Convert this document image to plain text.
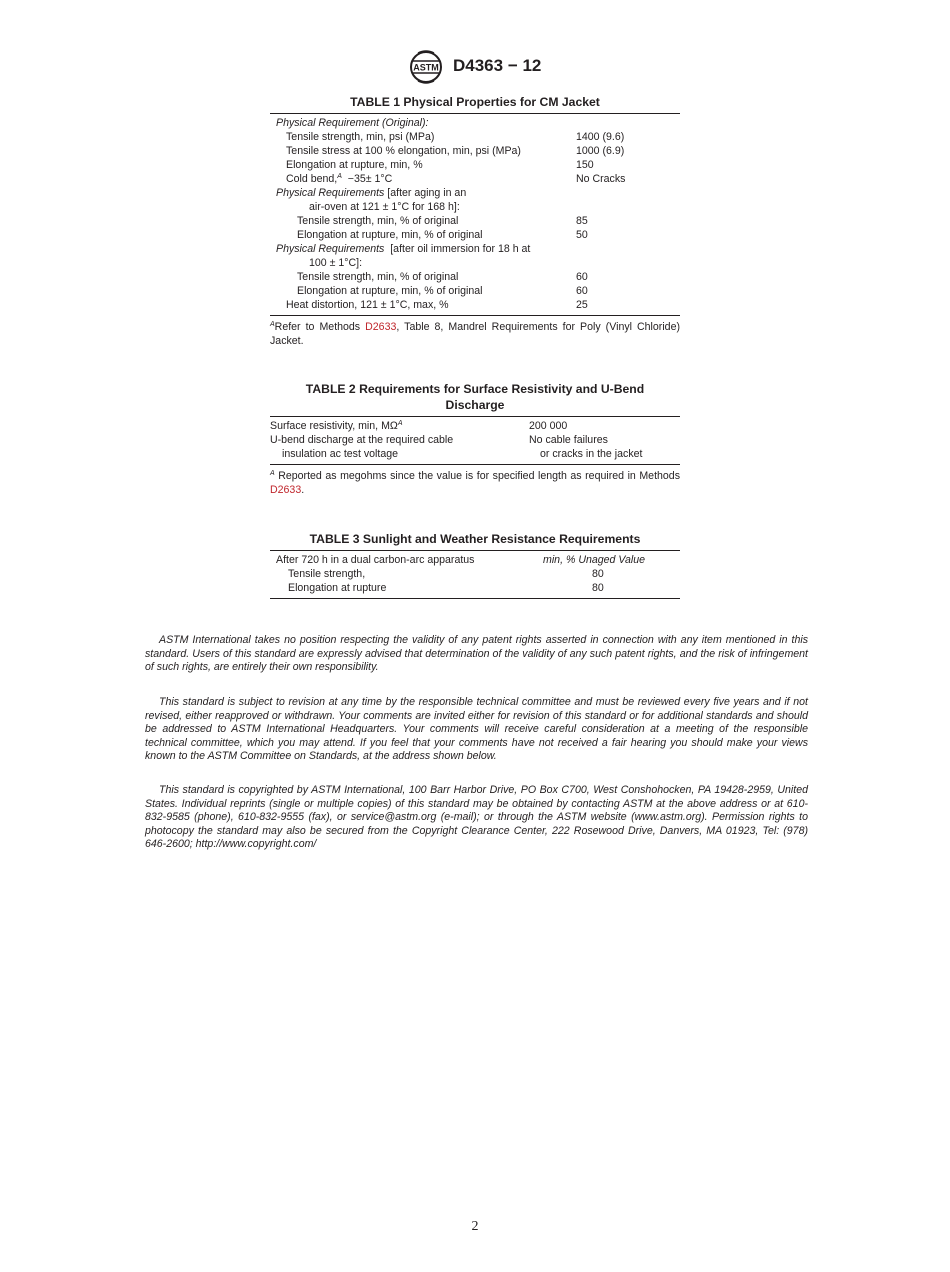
ASTM D4363 − 12
TABLE 1 Physical Properties for CM Jacket
Physical Requirement (Original):
Tensile strength, min, psi (MPa)	1400 (9.6)
Tensile stress at 100 % elongation, min, psi (MPa)	1000 (6.9)
Elongation at rupture, min, %	150
Cold bend,$^A$  −35± 1°C	No Cracks
Physical Requirements [after aging in an
air-oven at 121 ± 1°C for 168 h]:
Tensile strength, min, % of original	85
Elongation at rupture, min, % of original	50
Physical Requirements  [after oil immersion for 18 h at
100 ± 1°C]:
Tensile strength, min, % of original	60
Elongation at rupture, min, % of original	60
Heat distortion, 121 ± 1°C, max, %	25
$^A$Refer to Methods D2633, Table 8, Mandrel Requirements for Poly (Vinyl Chloride) Jacket.
TABLE 2 Requirements for Surface Resistivity and U-Bend Discharge
Surface resistivity, min, $M\Omega^A$	200 000
U-bend discharge at the required cable	No cable failures
insulation ac test voltage	or cracks in the jacket
$^A$ Reported as megohms since the value is for specified length as required in Methods D2633.
TABLE 3 Sunlight and Weather Resistance Requirements
After 720 h in a dual carbon-arc apparatus	min, % Unaged Value
Tensile strength,	80
Elongation at rupture	80

ASTM International takes no position respecting the validity of any patent rights asserted in connection with any item mentioned in this standard. Users of this standard are expressly advised that determination of the validity of any such patent rights, and the risk of infringement of such rights, are entirely their own responsibility.

This standard is subject to revision at any time by the responsible technical committee and must be reviewed every five years and if not revised, either reapproved or withdrawn. Your comments are invited either for revision of this standard or for additional standards and should be addressed to ASTM International Headquarters. Your comments will receive careful consideration at a meeting of the responsible technical committee, which you may attend. If you feel that your comments have not received a fair hearing you should make your views known to the ASTM Committee on Standards, at the address shown below.

This standard is copyrighted by ASTM International, 100 Barr Harbor Drive, PO Box C700, West Conshohocken, PA 19428-2959, United States. Individual reprints (single or multiple copies) of this standard may be obtained by contacting ASTM at the above address or at 610-832-9585 (phone), 610-832-9555 (fax), or service@astm.org (e-mail); or through the ASTM website (www.astm.org). Permission rights to photocopy the standard may also be secured from the Copyright Clearance Center, 222 Rosewood Drive, Danvers, MA 01923, Tel: (978) 646-2600; http://www.copyright.com/

2
